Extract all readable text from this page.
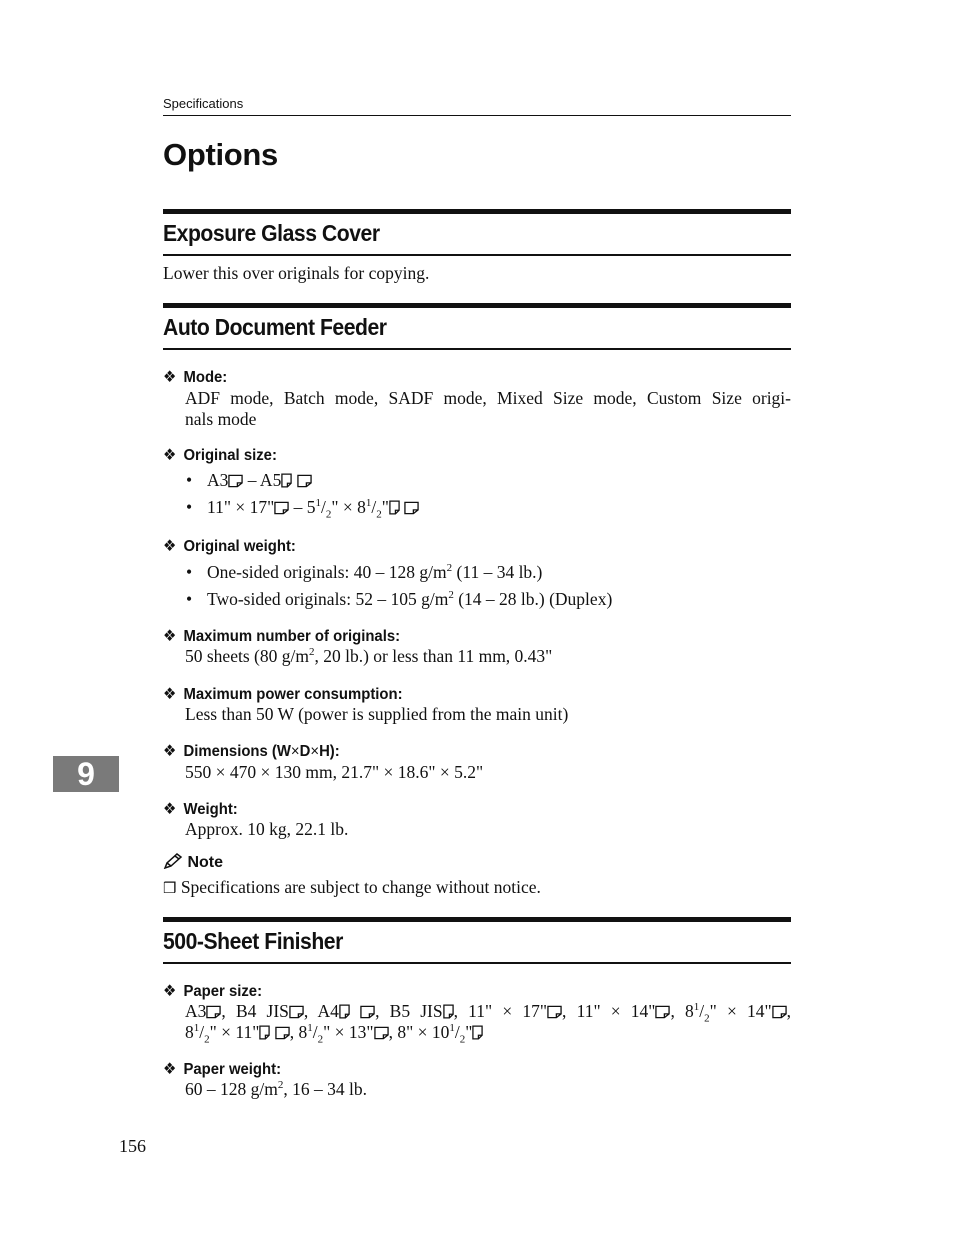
Specifications
Options
Exposure Glass Cover
Lower this over originals for copying.
Auto Document Feeder
❖ Mode:
ADF mode, Batch mode, SADF mode, Mixed Size mode, Custom Size origi-
nals mode
❖ Original size:
• A3 – A5
• 11" × 17" – $5^1/_2$" × $8^1/_2$"
❖ Original weight:
• One-sided originals: 40 – 128 $g/m^2$ (11 – 34 lb.)
• Two-sided originals: 52 – 105 $g/m^2$ (14 – 28 lb.) (Duplex)
❖ Maximum number of originals:
50 sheets (80 $g/m^2$, 20 lb.) or less than 11 mm, 0.43"
❖ Maximum power consumption:
Less than 50 W (power is supplied from the main unit)
❖ Dimensions (W×D×H):
550 × 470 × 130 mm, 21.7" × 18.6" × 5.2"
❖ Weight:
Approx. 10 kg, 22.1 lb.
Note
❒ Specifications are subject to change without notice.
500-Sheet Finisher
❖ Paper size:
A3 , B4 JIS , A4 , B5 JIS , 11" × 17" , 11" × 14" , $8^1/_2$" × 14" ,
$8^1/_2$" × 11" , $8^1/_2$" × 13" , 8" × $10^1/_2$"
❖ Paper weight:
60 – 128 $g/m^2$, 16 – 34 lb.
9
156
